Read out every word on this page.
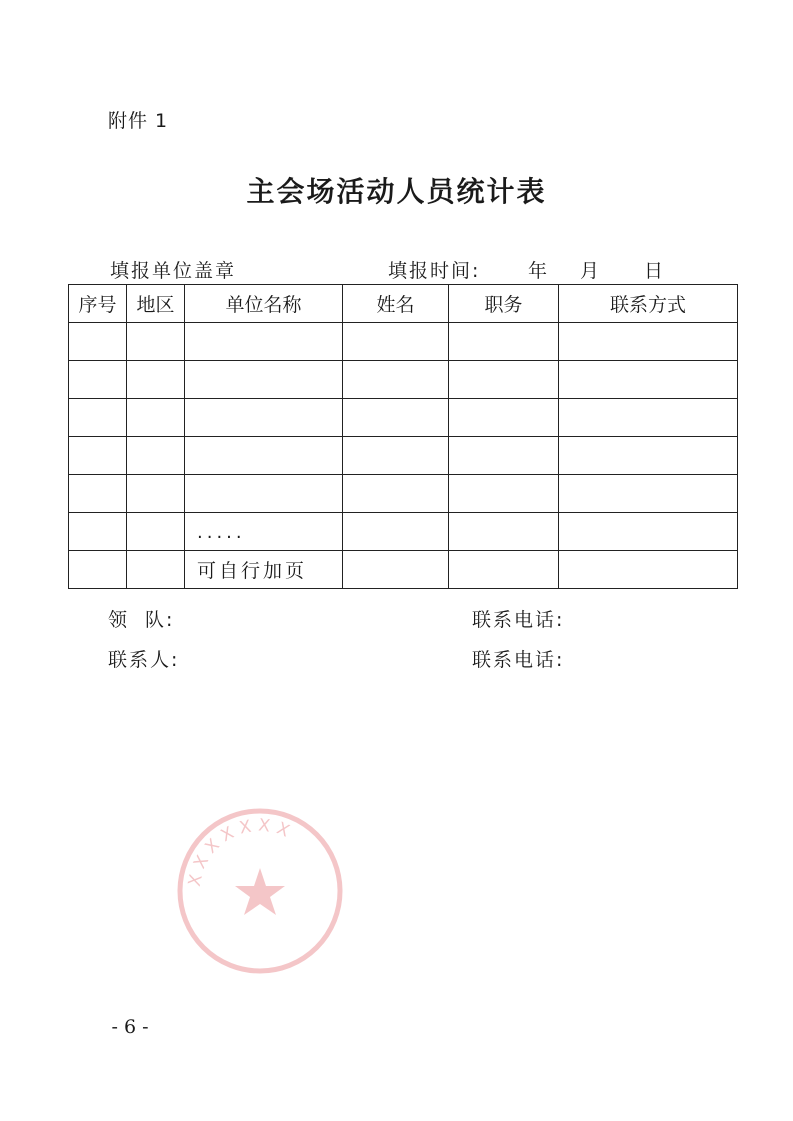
附件 1
主会场活动人员统计表
填报单位盖章	填报时间:	年 月 日
序号	地区	单位名称	姓名	职务	联系方式

		.....			
		可自行加页			
领队:	联系电话:
联系人:	联系电话:
XXXXXXX
- 6 -
